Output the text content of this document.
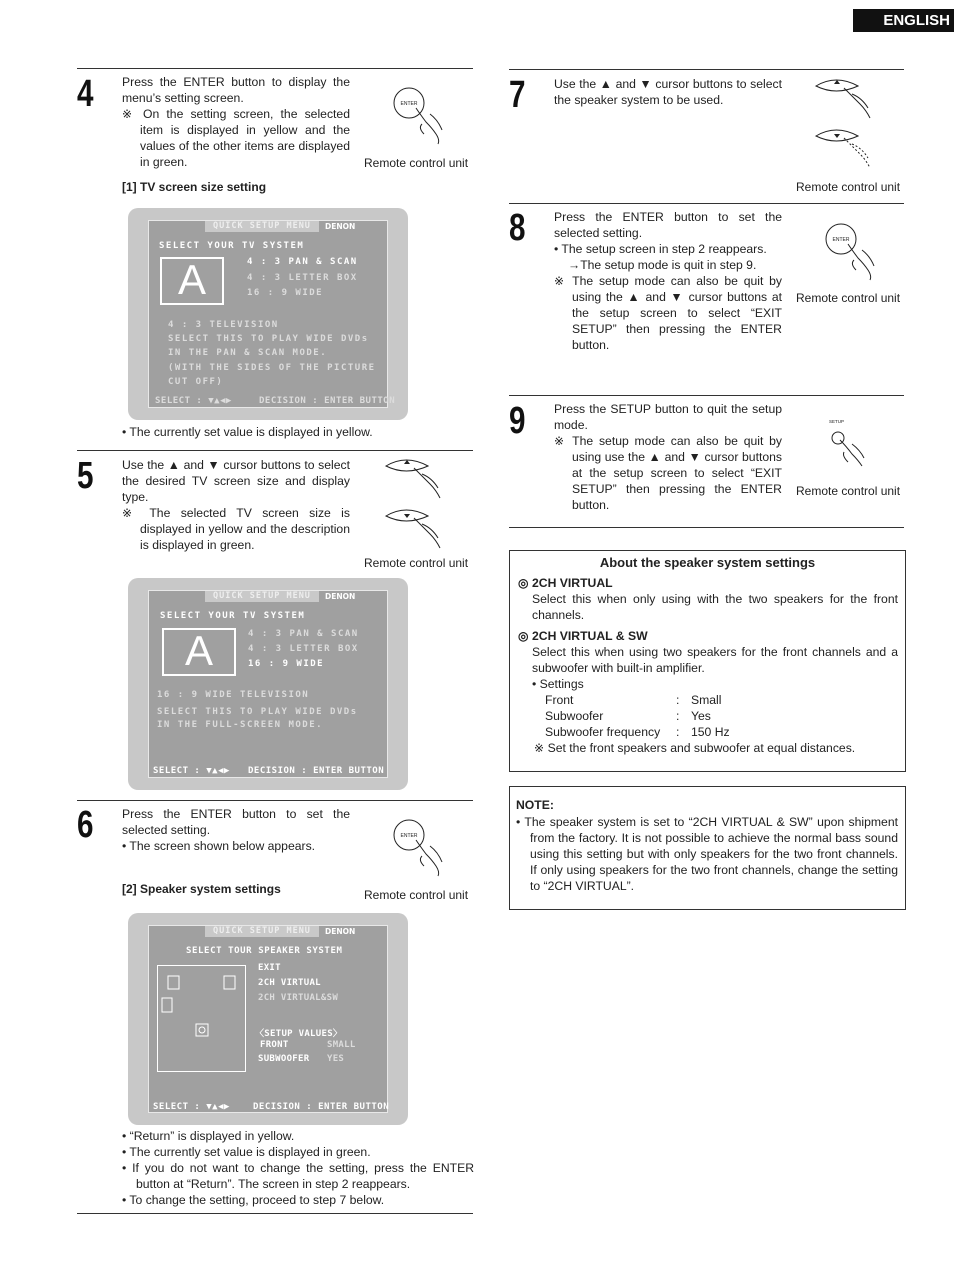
ENGLISH
4 Press the ENTER button to display the menu’s setting screen.

※ On the setting screen, the selected item is displayed in yellow and the values of the other items are displayed in green.

ENTER
Remote control unit
[1] TV screen size setting
QUICK SETUP MENU	DENON
SELECT YOUR TV SYSTEM
A	4 : 3 PAN & SCAN
4 : 3 LETTER BOX
16 : 9 WIDE
4 : 3 TELEVISION
SELECT THIS TO PLAY WIDE DVDs
IN THE PAN & SCAN MODE.
(WITH THE SIDES OF THE PICTURE
CUT OFF)
SELECT : ▼▲◀▶	DECISION : ENTER BUTTON
• The currently set value is displayed in yellow.
5 Use the ▲ and ▼ cursor buttons to select the desired TV screen size and display type.

※ The selected TV screen size is displayed in yellow and the description is displayed in green.

Remote control unit
QUICK SETUP MENU	DENON
SELECT YOUR TV SYSTEM
A	4 : 3 PAN & SCAN
4 : 3 LETTER BOX
16 : 9 WIDE
16 : 9 WIDE TELEVISION
SELECT THIS TO PLAY WIDE DVDs
IN THE FULL-SCREEN MODE.
SELECT : ▼▲◀▶ DECISION : ENTER BUTTON
6 Press the ENTER button to set the selected setting.

• The screen shown below appears.

ENTER
[2] Speaker system settings	Remote control unit
QUICK SETUP MENU	DENON
SELECT TOUR SPEAKER SYSTEM
EXIT
2CH VIRTUAL
2CH VIRTUAL&SW
〈SETUP VALUES〉
FRONT	SMALL
SUBWOOFER YES
SELECT : ▼▲◀▶	DECISION : ENTER BUTTON

• “Return” is displayed in yellow.

• The currently set value is displayed in green.

• If you do not want to change the setting, press the ENTER button at “Return”. The screen in step 2 reappears.

• To change the setting, proceed to step 7 below.

7 Use the ▲ and ▼ cursor buttons to select the speaker system to be used.
Remote control unit
8 Press the ENTER button to set the selected setting.

• The setup screen in step 2 reappears.

→The setup mode is quit in step 9.

※ The setup mode can also be quit by using the ▲ and ▼ cursor buttons at the setup screen to select “EXIT SETUP” then pressing the ENTER button.

ENTER
Remote control unit
9 Press the SETUP button to quit the setup mode.

※ The setup mode can also be quit by using use the ▲ and ▼ cursor buttons at the setup screen to select “EXIT SETUP” then pressing the ENTER button.

SETUP
Remote control unit
About the speaker system settings
◎ 2CH VIRTUAL
Select this when only using with the two speakers for the front channels.
◎ 2CH VIRTUAL & SW
Select this when using two speakers for the front channels and a subwoofer with built-in amplifier.
• Settings
Front	: Small
Subwoofer	: Yes
Subwoofer frequency : 150 Hz
※ Set the front speakers and subwoofer at equal distances.
NOTE:

• The speaker system is set to “2CH VIRTUAL & SW” upon shipment from the factory. It is not possible to achieve the normal bass sound using this setting but with only speakers for the two front channels. If only using speakers for the two front channels, change the setting to “2CH VIRTUAL”.
